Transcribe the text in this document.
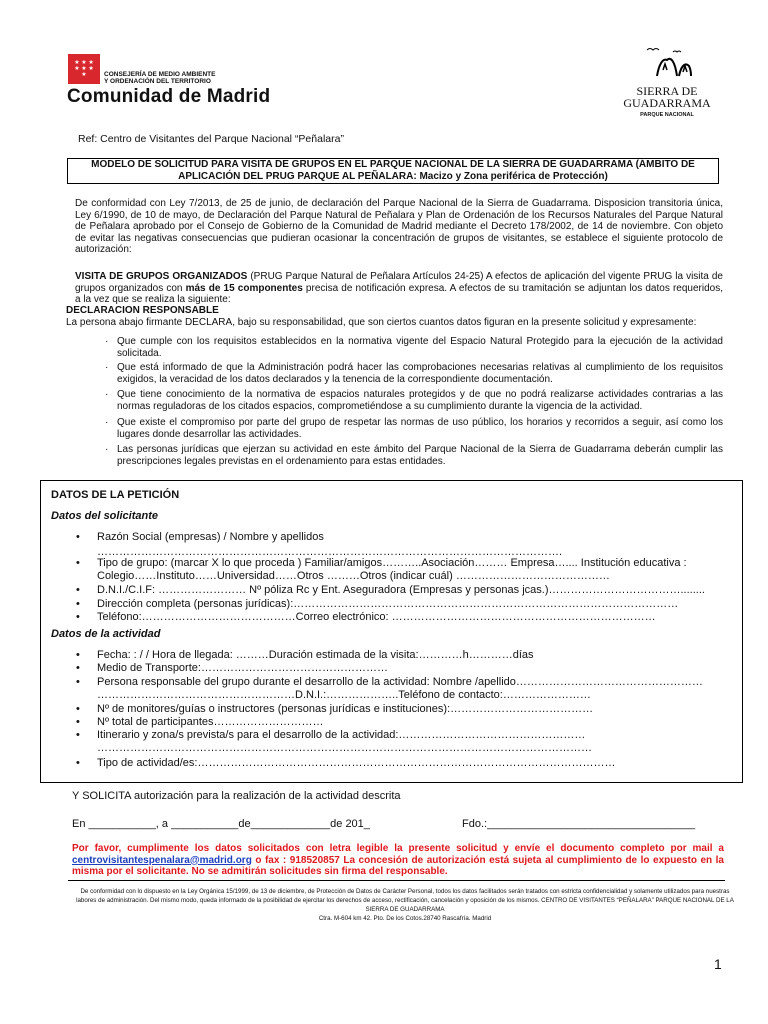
★ ★ ★ ★ ★ ★ ★	CONSEJERÍA DE MEDIO AMBIENTE
Y ORDENACIÓN DEL TERRITORIO
Comunidad de Madrid	SIERRA DE
GUADARRAMA
PARQUE NACIONAL
Ref: Centro de Visitantes del Parque Nacional “Peñalara”
MODELO DE SOLICITUD PARA VISITA DE GRUPOS EN EL PARQUE NACIONAL DE LA SIERRA DE GUADARRAMA (ÁMBITO DE
APLICACIÓN DEL PRUG PARQUE AL PEÑALARA: Macizo y Zona periférica de Protección)
De conformidad con Ley 7/2013, de 25 de junio, de declaración del Parque Nacional de la Sierra de Guadarrama. Disposicion transitoria única, Ley 6/1990, de 10 de mayo, de Declaración del Parque Natural de Peñalara y Plan de Ordenación de los Recursos Naturales del Parque Natural de Peñalara aprobado por el Consejo de Gobierno de la Comunidad de Madrid mediante el Decreto 178/2002, de 14 de noviembre. Con objeto de evitar las negativas consecuencias que pudieran ocasionar la concentración de grupos de visitantes, se establece el siguiente protocolo de autorización:
VISITA DE GRUPOS ORGANIZADOS (PRUG Parque Natural de Peñalara Artículos 24-25) A efectos de aplicación del vigente PRUG la visita de grupos organizados con más de 15 componentes precisa de notificación expresa. A efectos de su tramitación se adjuntan los datos requeridos, a la vez que se realiza la siguiente:
DECLARACION RESPONSABLE
La persona abajo firmante DECLARA, bajo su responsabilidad, que son ciertos cuantos datos figuran en la presente solicitud y expresamente:
· Que cumple con los requisitos establecidos en la normativa vigente del Espacio Natural Protegido para la ejecución de la actividad solicitada.
· Que está informado de que la Administración podrá hacer las comprobaciones necesarias relativas al cumplimiento de los requisitos exigidos, la veracidad de los datos declarados y la tenencia de la correspondiente documentación.
· Que tiene conocimiento de la normativa de espacios naturales protegidos y de que no podrá realizarse actividades contrarias a las normas reguladoras de los citados espacios, comprometiéndose a su cumplimiento durante la vigencia de la actividad.
· Que existe el compromiso por parte del grupo de respetar las normas de uso público, los horarios y recorridos a seguir, así como los lugares donde desarrollar las actividades.
· Las personas jurídicas que ejerzan su actividad en este ámbito del Parque Nacional de la Sierra de Guadarrama deberán cumplir las prescripciones legales previstas en el ordenamiento para estas entidades.
DATOS DE LA PETICIÓN
Datos del solicitante
• Razón Social (empresas) / Nombre y apellidos
……………………………………………………………………………………………………………….
• Tipo de grupo: (marcar X lo que proceda ) Familiar/amigos………..Asociación……… Empresa….... Institución educativa :
Colegio……Instituto……Universidad……Otros ………Otros (indicar cuál) ……………………………………
• D.N.I./C.I.F: …………………… Nº póliza Rc y Ent. Aseguradora (Empresas y personas jcas.)………………………………........
• Dirección completa (personas jurídicas):……………………………………………………………………………………………
• Teléfono:……………………………………Correo electrónico: ………………………………………………………………
Datos de la actividad
• Fecha: : / / Hora de llegada: ………Duración estimada de la visita:…………h…………días
• Medio de Transporte:……………………………………………
• Persona responsable del grupo durante el desarrollo de la actividad: Nombre /apellido……………………………………………
………………………………………………D.N.I.:………………..Teléfono de contacto:……………………
• Nº de monitores/guías o instructores (personas jurídicas e instituciones):…………………………………
• Nº total de participantes…………………………
• Itinerario y zona/s prevista/s para el desarrollo de la actividad:……………………………………………
………………………………………………………………………………………………………………………
• Tipo de actividad/es:……………………………………………………………………………………………………
Y SOLICITA autorización para la realización de la actividad descrita
En ___________, a ___________de_____________de 201_	Fdo.:__________________________________
Por favor, cumplimente los datos solicitados con letra legible la presente solicitud y envíe el documento completo por mail a centrovisitantespenalara@madrid.org o fax : 918520857 La concesión de autorización está sujeta al cumplimiento de lo expuesto en la misma por el solicitante. No se admitirán solicitudes sin firma del responsable.
De conformidad con lo dispuesto en la Ley Orgánica 15/1999, de 13 de diciembre, de Protección de Datos de Carácter Personal, todos los datos facilitados serán tratados con estricta confidencialidad y solamente utilizados para nuestras labores de administración. Del mismo modo, queda informado de la posibilidad de ejercitar los derechos de acceso, rectificación, cancelación y oposición de los mismos. CENTRO DE VISITANTES “PEÑALARA” PARQUE NACIONAL DE LA SIERRA DE GUADARRAMA
Ctra. M-604 km 42. Pto. De los Cotos.28740 Rascafría. Madrid
1
